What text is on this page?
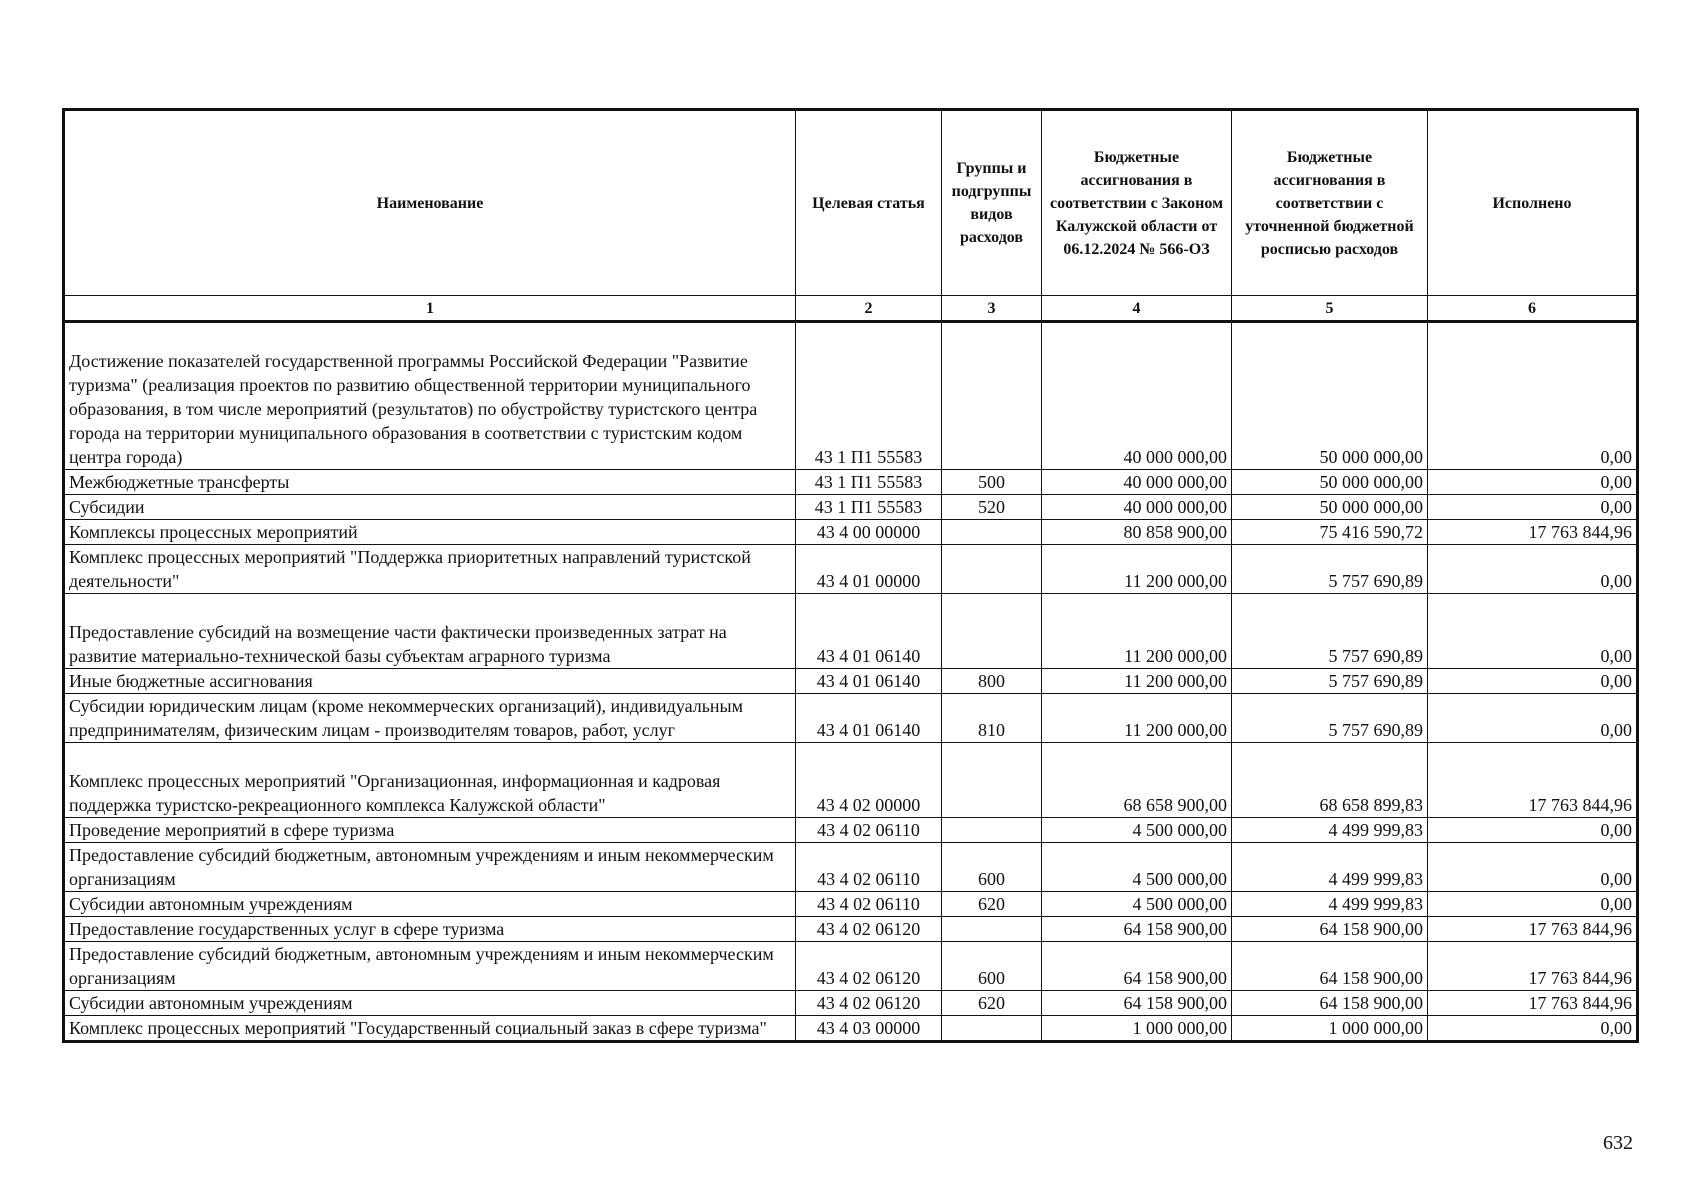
Наименование	Целевая статья	Группы и подгруппы видов расходов	Бюджетные ассигнования в соответствии с Законом Калужской области от 06.12.2024 № 566-ОЗ	Бюджетные ассигнования в соответствии с уточненной бюджетной росписью расходов	Исполнено
1	2	3	4	5	6
Достижение показателей государственной программы Российской Федерации "Развитие туризма" (реализация проектов по развитию общественной территории муниципального образования, в том числе мероприятий (результатов) по обустройству туристского центра города на территории муниципального образования в соответствии с туристским кодом центра города)	43 1 П1 55583		40 000 000,00	50 000 000,00	0,00
Межбюджетные трансферты	43 1 П1 55583	500	40 000 000,00	50 000 000,00	0,00
Субсидии	43 1 П1 55583	520	40 000 000,00	50 000 000,00	0,00
Комплексы процессных мероприятий	43 4 00 00000		80 858 900,00	75 416 590,72	17 763 844,96
Комплекс процессных мероприятий "Поддержка приоритетных направлений туристской деятельности"	43 4 01 00000		11 200 000,00	5 757 690,89	0,00
Предоставление субсидий на возмещение части фактически произведенных затрат на развитие материально-технической базы субъектам аграрного туризма	43 4 01 06140		11 200 000,00	5 757 690,89	0,00
Иные бюджетные ассигнования	43 4 01 06140	800	11 200 000,00	5 757 690,89	0,00
Субсидии юридическим лицам (кроме некоммерческих организаций), индивидуальным предпринимателям, физическим лицам - производителям товаров, работ, услуг	43 4 01 06140	810	11 200 000,00	5 757 690,89	0,00
Комплекс процессных мероприятий "Организационная, информационная и кадровая поддержка туристско-рекреационного комплекса Калужской области"	43 4 02 00000		68 658 900,00	68 658 899,83	17 763 844,96
Проведение мероприятий в сфере туризма	43 4 02 06110		4 500 000,00	4 499 999,83	0,00
Предоставление субсидий бюджетным, автономным учреждениям и иным некоммерческим организациям	43 4 02 06110	600	4 500 000,00	4 499 999,83	0,00
Субсидии автономным учреждениям	43 4 02 06110	620	4 500 000,00	4 499 999,83	0,00
Предоставление государственных услуг в сфере туризма	43 4 02 06120		64 158 900,00	64 158 900,00	17 763 844,96
Предоставление субсидий бюджетным, автономным учреждениям и иным некоммерческим организациям	43 4 02 06120	600	64 158 900,00	64 158 900,00	17 763 844,96
Субсидии автономным учреждениям	43 4 02 06120	620	64 158 900,00	64 158 900,00	17 763 844,96
Комплекс процессных мероприятий "Государственный социальный заказ в сфере туризма"	43 4 03 00000		1 000 000,00	1 000 000,00	0,00
632
